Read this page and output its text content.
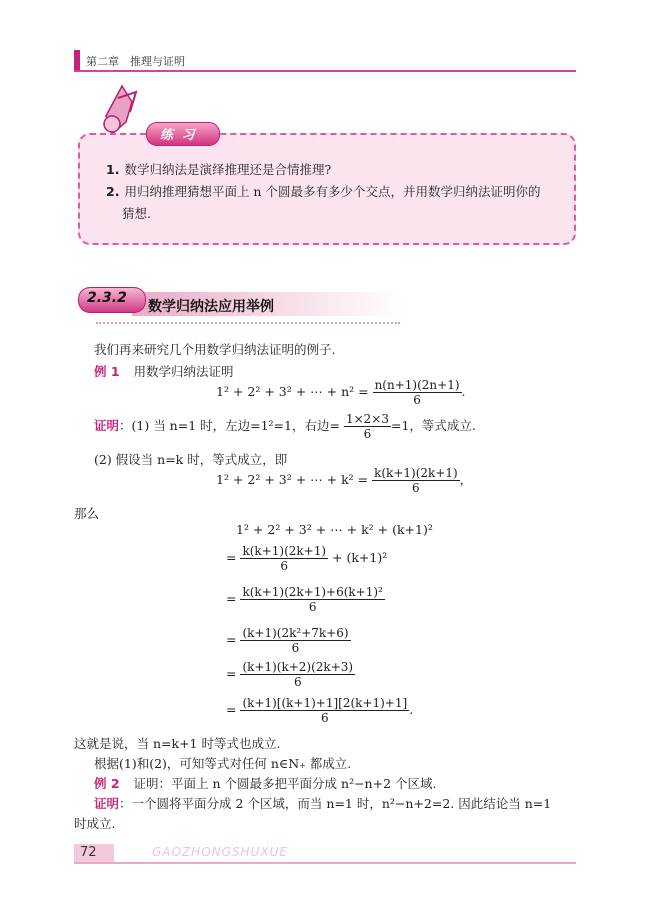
第二章　推理与证明
练 习
1. 数学归纳法是演绎推理还是合情推理?
2. 用归纳推理猜想平面上 n 个圆最多有多少个交点，并用数学归纳法证明你的
猜想.
2.3.2
数学归纳法应用举例
我们再来研究几个用数学归纳法证明的例子.
例 1 用数学归纳法证明
1² + 2² + 3² + ⋯ + $n^2 = \frac{n(n+1)(2n+1)}{6}$ .
证明：(1) 当 n=1 时，左边=1²=1，右边= $\frac{1\times 2\times 3}{6} =1$，等式成立.
(2) 假设当 n=k 时，等式成立，即
1² + 2² + 3² + ⋯ + $k^2 = \frac{k(k+1)(2k+1)}{6}$ ，
那么
1² + 2² + 3² + ⋯ + k² + (k+1)²
= $\frac{k(k+1)(2k+1)}{6} + (k+1)^2$
= $\frac{\text{k(k+1)(2k+1)+6(k+1)²}}{6}$
= $\frac{\text{(k+1)(2k²+7k+6)}}{6}$
= $\frac{(k+1)(k+2)(2k+3)}{6}$
= $\frac{(k+1)[(k+1)+1][2(k+1)+1]}{6}$ .
这就是说，当 n=k+1 时等式也成立.
根据(1)和(2)，可知等式对任何 n∈N₊ 都成立.
例 2 证明：平面上 n 个圆最多把平面分成 n²−n+2 个区域.
证明：一个圆将平面分成 2 个区域，而当 n=1 时，n²−n+2=2. 因此结论当 n=1
时成立.
72	GAOZHONGSHUXUE
